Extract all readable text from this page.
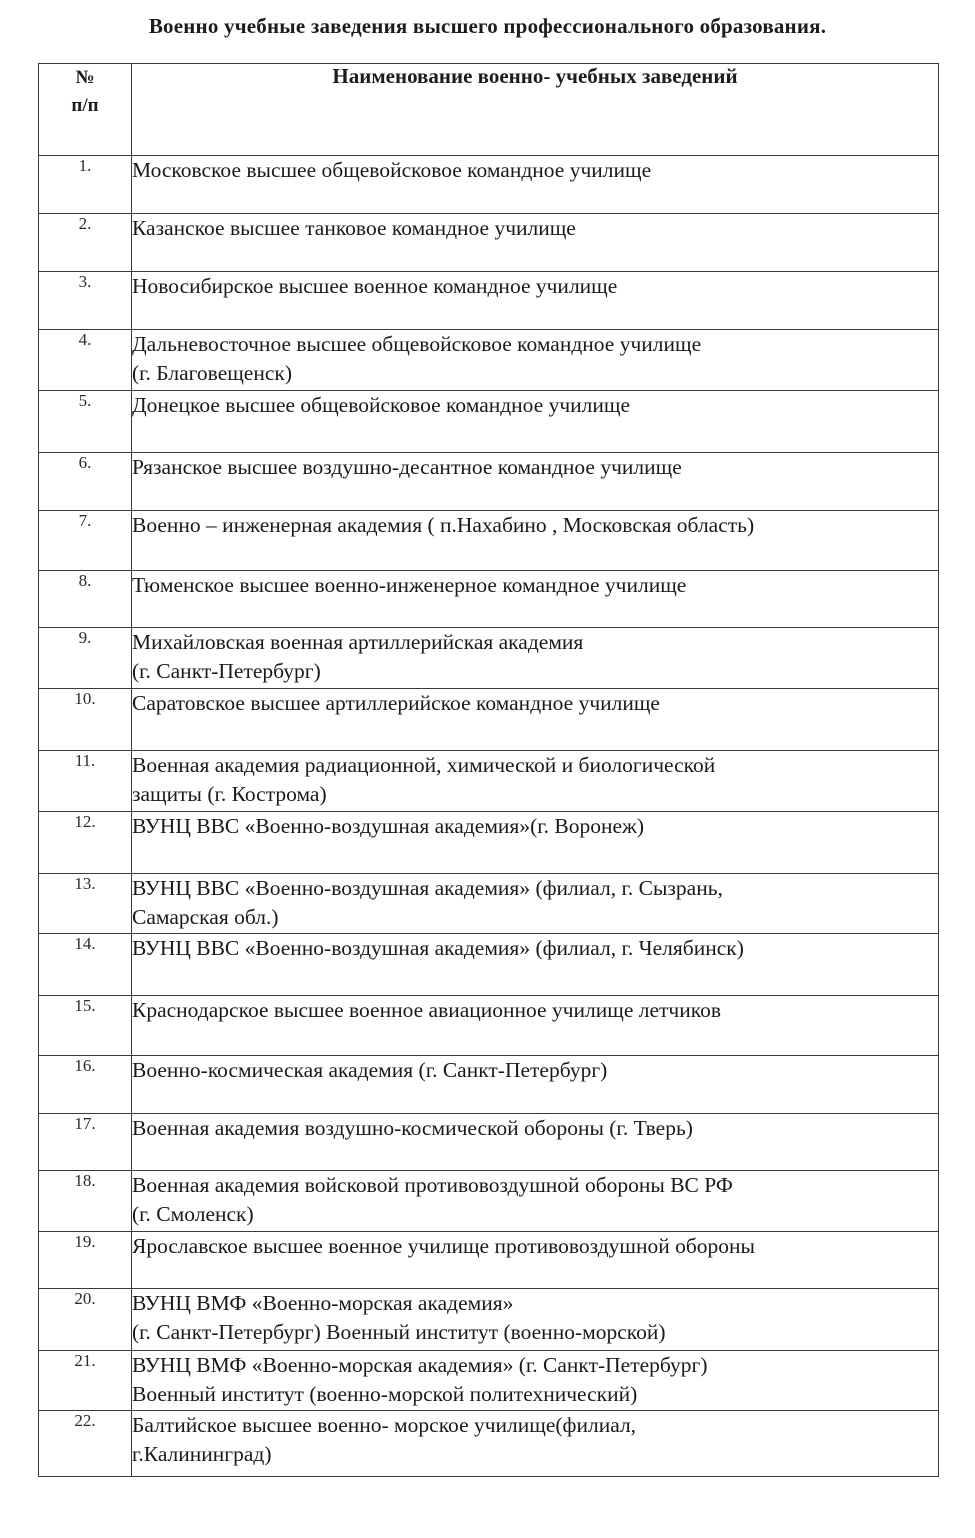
Военно учебные заведения высшего профессионального образования.
№
п/п	Наименование военно- учебных заведений
1.	Московское высшее общевойсковое командное училище

2.	Казанское высшее танковое командное училище

3.	Новосибирское высшее военное командное училище

4.	Дальневосточное высшее общевойсковое командное училище
(г. Благовещенск)

5.	Донецкое высшее общевойсковое командное училище

6.	Рязанское высшее воздушно-десантное командное училище

7.	Военно – инженерная академия ( п.Нахабино , Московская область)

8.	Тюменское высшее военно-инженерное командное училище

9.	Михайловская военная артиллерийская академия
(г. Санкт-Петербург)

10.	Саратовское высшее артиллерийское командное училище

11.	Военная академия радиационной, химической и биологической
защиты (г. Кострома)

12.	ВУНЦ ВВС «Военно-воздушная академия»(г. Воронеж)

13.	ВУНЦ ВВС «Военно-воздушная академия» (филиал, г. Сызрань,
Самарская обл.)

14.	ВУНЦ ВВС «Военно-воздушная академия» (филиал, г. Челябинск)

15.	Краснодарское высшее военное авиационное училище летчиков

16.	Военно-космическая академия (г. Санкт-Петербург)

17.	Военная академия воздушно-космической обороны (г. Тверь)

18.	Военная академия войсковой противовоздушной обороны ВС РФ
(г. Смоленск)

19.	Ярославское высшее военное училище противовоздушной обороны

20.	ВУНЦ ВМФ «Военно-морская академия»
(г. Санкт-Петербург) Военный институт (военно-морской)

21.	ВУНЦ ВМФ «Военно-морская академия» (г. Санкт-Петербург)
Военный институт (военно-морской политехнический)

22.	Балтийское высшее военно- морское училище(филиал,
г.Калининград)
